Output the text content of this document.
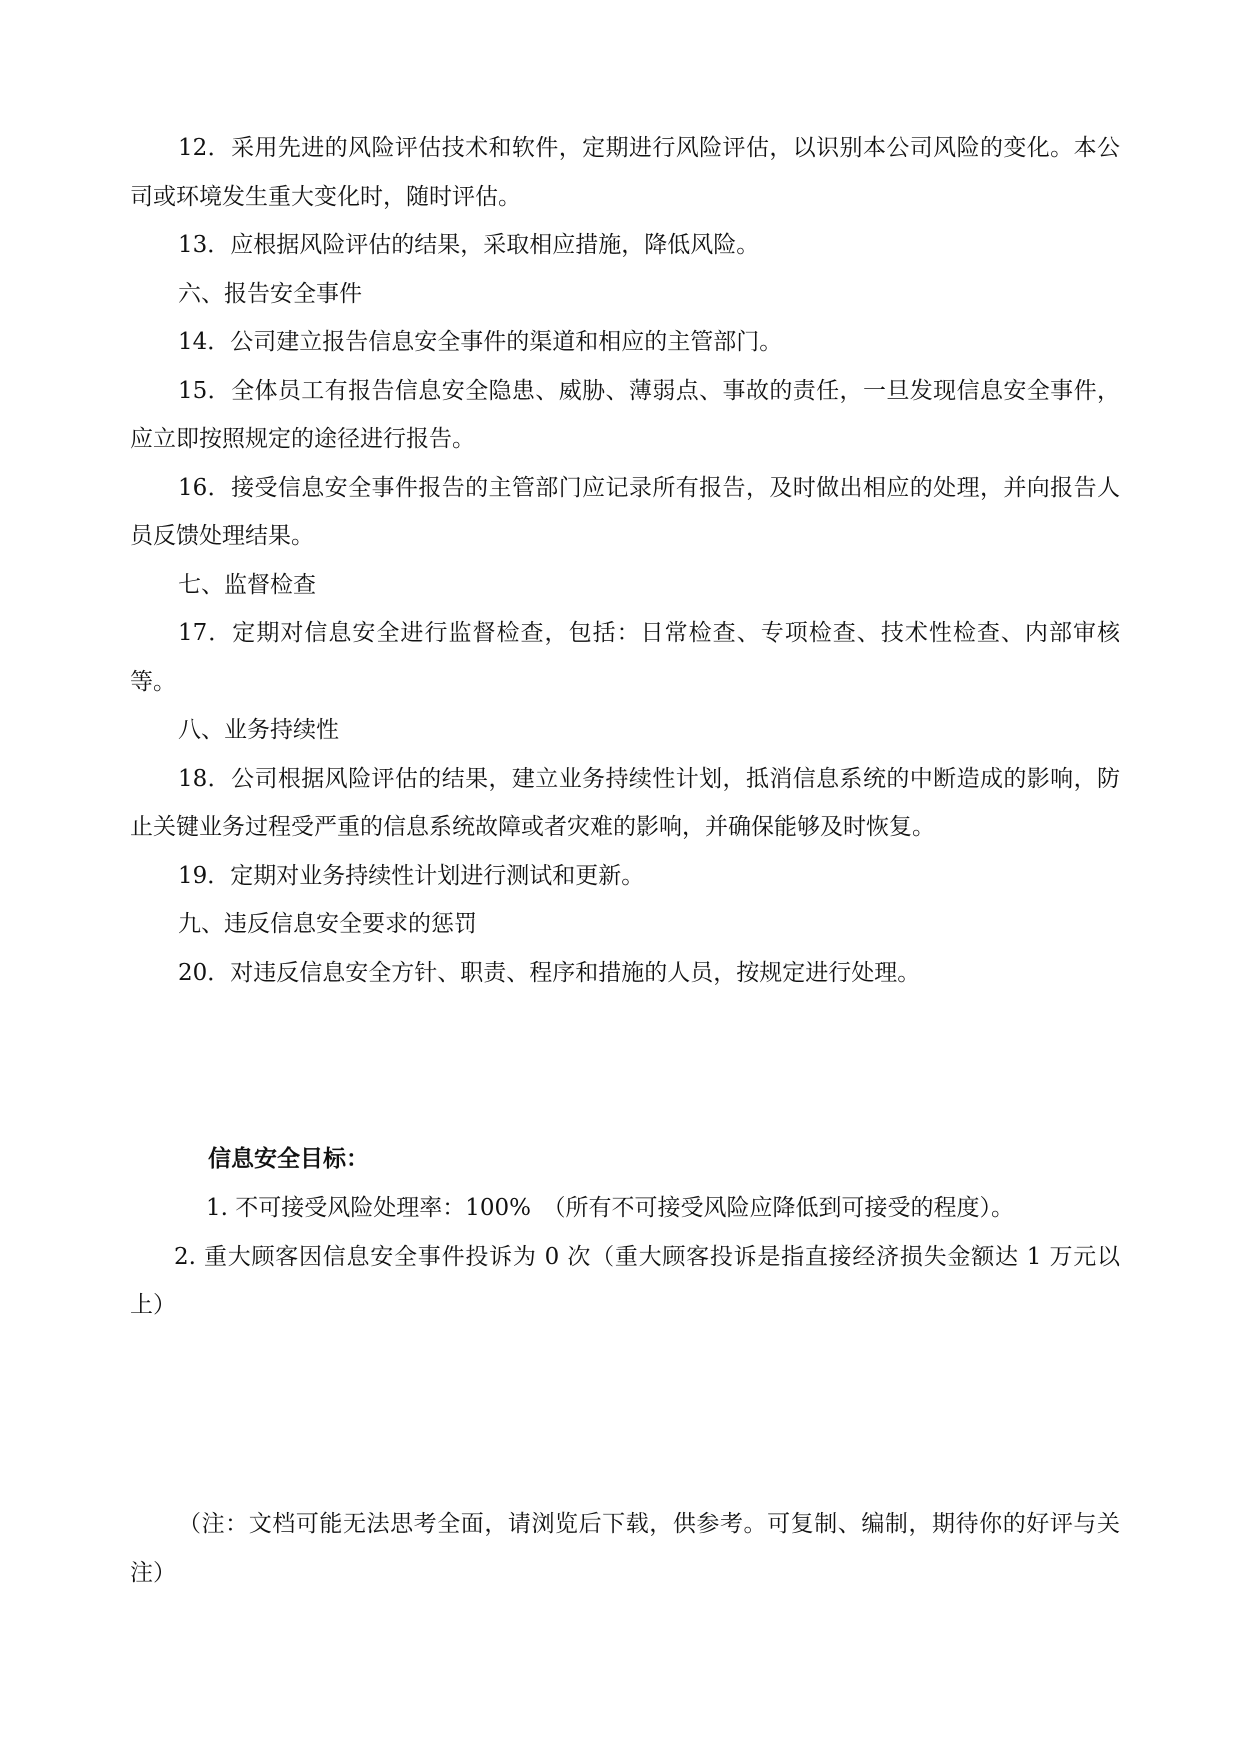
12．采用先进的风险评估技术和软件，定期进行风险评估，以识别本公司风险的变化。本公司或环境发生重大变化时，随时评估。

13．应根据风险评估的结果，采取相应措施，降低风险。

六、报告安全事件

14．公司建立报告信息安全事件的渠道和相应的主管部门。

15．全体员工有报告信息安全隐患、威胁、薄弱点、事故的责任，一旦发现信息安全事件，应立即按照规定的途径进行报告。

16．接受信息安全事件报告的主管部门应记录所有报告，及时做出相应的处理，并向报告人员反馈处理结果。

七、监督检查

17．定期对信息安全进行监督检查，包括：日常检查、专项检查、技术性检查、内部审核等。

八、业务持续性

18．公司根据风险评估的结果，建立业务持续性计划，抵消信息系统的中断造成的影响，防止关键业务过程受严重的信息系统故障或者灾难的影响，并确保能够及时恢复。

19．定期对业务持续性计划进行测试和更新。

九、违反信息安全要求的惩罚

20．对违反信息安全方针、职责、程序和措施的人员，按规定进行处理。

信息安全目标：

1. 不可接受风险处理率：100%　（所有不可接受风险应降低到可接受的程度）。

2. 重大顾客因信息安全事件投诉为 0 次（重大顾客投诉是指直接经济损失金额达 1 万元以上）

（注：文档可能无法思考全面，请浏览后下载，供参考。可复制、编制，期待你的好评与关注）
